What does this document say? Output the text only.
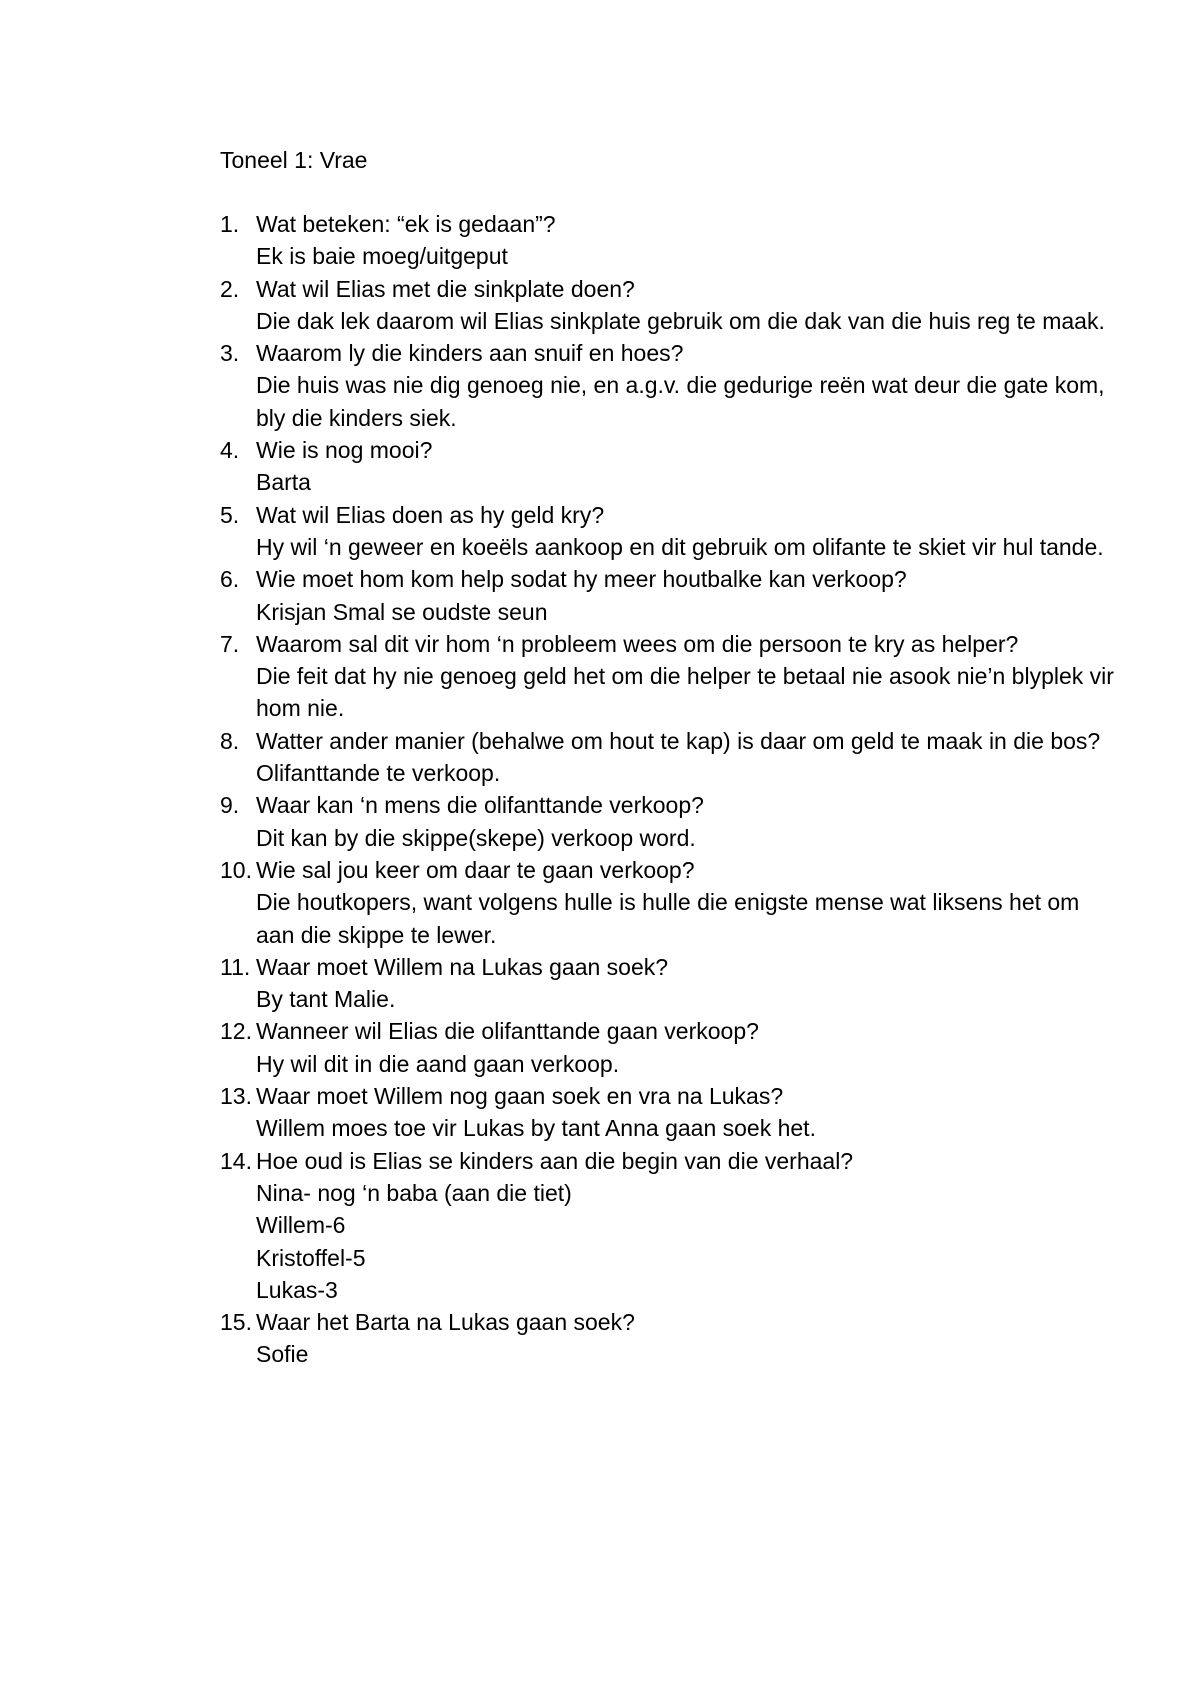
Toneel 1: Vrae
1. Wat beteken: “ek is gedaan”?
Ek is baie moeg/uitgeput
2. Wat wil Elias met die sinkplate doen?
Die dak lek daarom wil Elias sinkplate gebruik om die dak van die huis reg te maak.
3. Waarom ly die kinders aan snuif en hoes?
Die huis was nie dig genoeg nie, en a.g.v. die gedurige reën wat deur die gate kom, bly die kinders siek.
4. Wie is nog mooi?
Barta
5. Wat wil Elias doen as hy geld kry?
Hy wil ‘n geweer en koeëls aankoop en dit gebruik om olifante te skiet vir hul tande.
6. Wie moet hom kom help sodat hy meer houtbalke kan verkoop?
Krisjan Smal se oudste seun
7. Waarom sal dit vir hom ‘n probleem wees om die persoon te kry as helper?
Die feit dat hy nie genoeg geld het om die helper te betaal nie asook nie’n blyplek vir hom nie.
8. Watter ander manier (behalwe om hout te kap) is daar om geld te maak in die bos?
Olifanttande te verkoop.
9. Waar kan ‘n mens die olifanttande verkoop?
Dit kan by die skippe(skepe) verkoop word.
10. Wie sal jou keer om daar te gaan verkoop?
Die houtkopers, want volgens hulle is hulle die enigste mense wat liksens het om aan die skippe te lewer.
11. Waar moet Willem na Lukas gaan soek?
By tant Malie.
12. Wanneer wil Elias die olifanttande gaan verkoop?
Hy wil dit in die aand gaan verkoop.
13. Waar moet Willem nog gaan soek en vra na Lukas?
Willem moes toe vir Lukas by tant Anna gaan soek het.
14. Hoe oud is Elias se kinders aan die begin van die verhaal?
Nina- nog ‘n baba (aan die tiet)
Willem-6
Kristoffel-5
Lukas-3
15. Waar het Barta na Lukas gaan soek?
Sofie
